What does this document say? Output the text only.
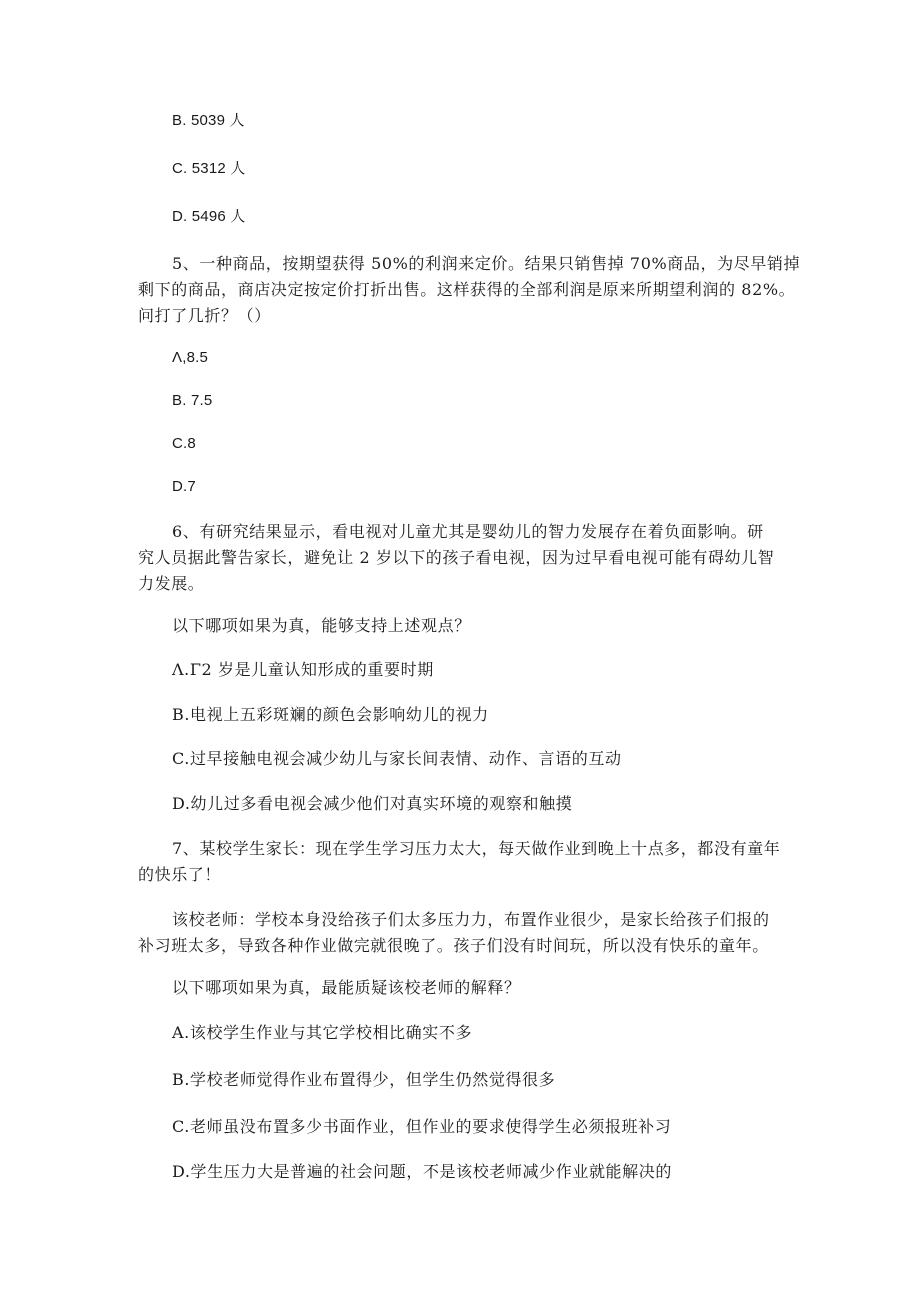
B. 5039 人
C. 5312 人
D. 5496 人
5、一种商品，按期望获得 50%的利润来定价。结果只销售掉 70%商品，为尽早销掉
剩下的商品，商店决定按定价打折出售。这样获得的全部利润是原来所期望利润的 82%。
问打了几折？（）
Λ,8.5
B. 7.5
C.8
D.7
6、有研究结果显示，看电视对儿童尤其是婴幼儿的智力发展存在着负面影响。研
究人员据此警告家长，避免让 2 岁以下的孩子看电视，因为过早看电视可能有碍幼儿智
力发展。
以下哪项如果为真，能够支持上述观点？
Λ.Γ2 岁是儿童认知形成的重要时期
B.电视上五彩斑斓的颜色会影响幼儿的视力
C.过早接触电视会减少幼儿与家长间表情、动作、言语的互动
D.幼儿过多看电视会减少他们对真实环境的观察和触摸
7、某校学生家长：现在学生学习压力太大，每天做作业到晚上十点多，都没有童年
的快乐了！
该校老师：学校本身没给孩子们太多压力力，布置作业很少，是家长给孩子们报的
补习班太多，导致各种作业做完就很晚了。孩子们没有时间玩，所以没有快乐的童年。
以下哪项如果为真，最能质疑该校老师的解释？
A.该校学生作业与其它学校相比确实不多
B.学校老师觉得作业布置得少，但学生仍然觉得很多
C.老师虽没布置多少书面作业，但作业的要求使得学生必须报班补习
D.学生压力大是普遍的社会问题，不是该校老师减少作业就能解决的
